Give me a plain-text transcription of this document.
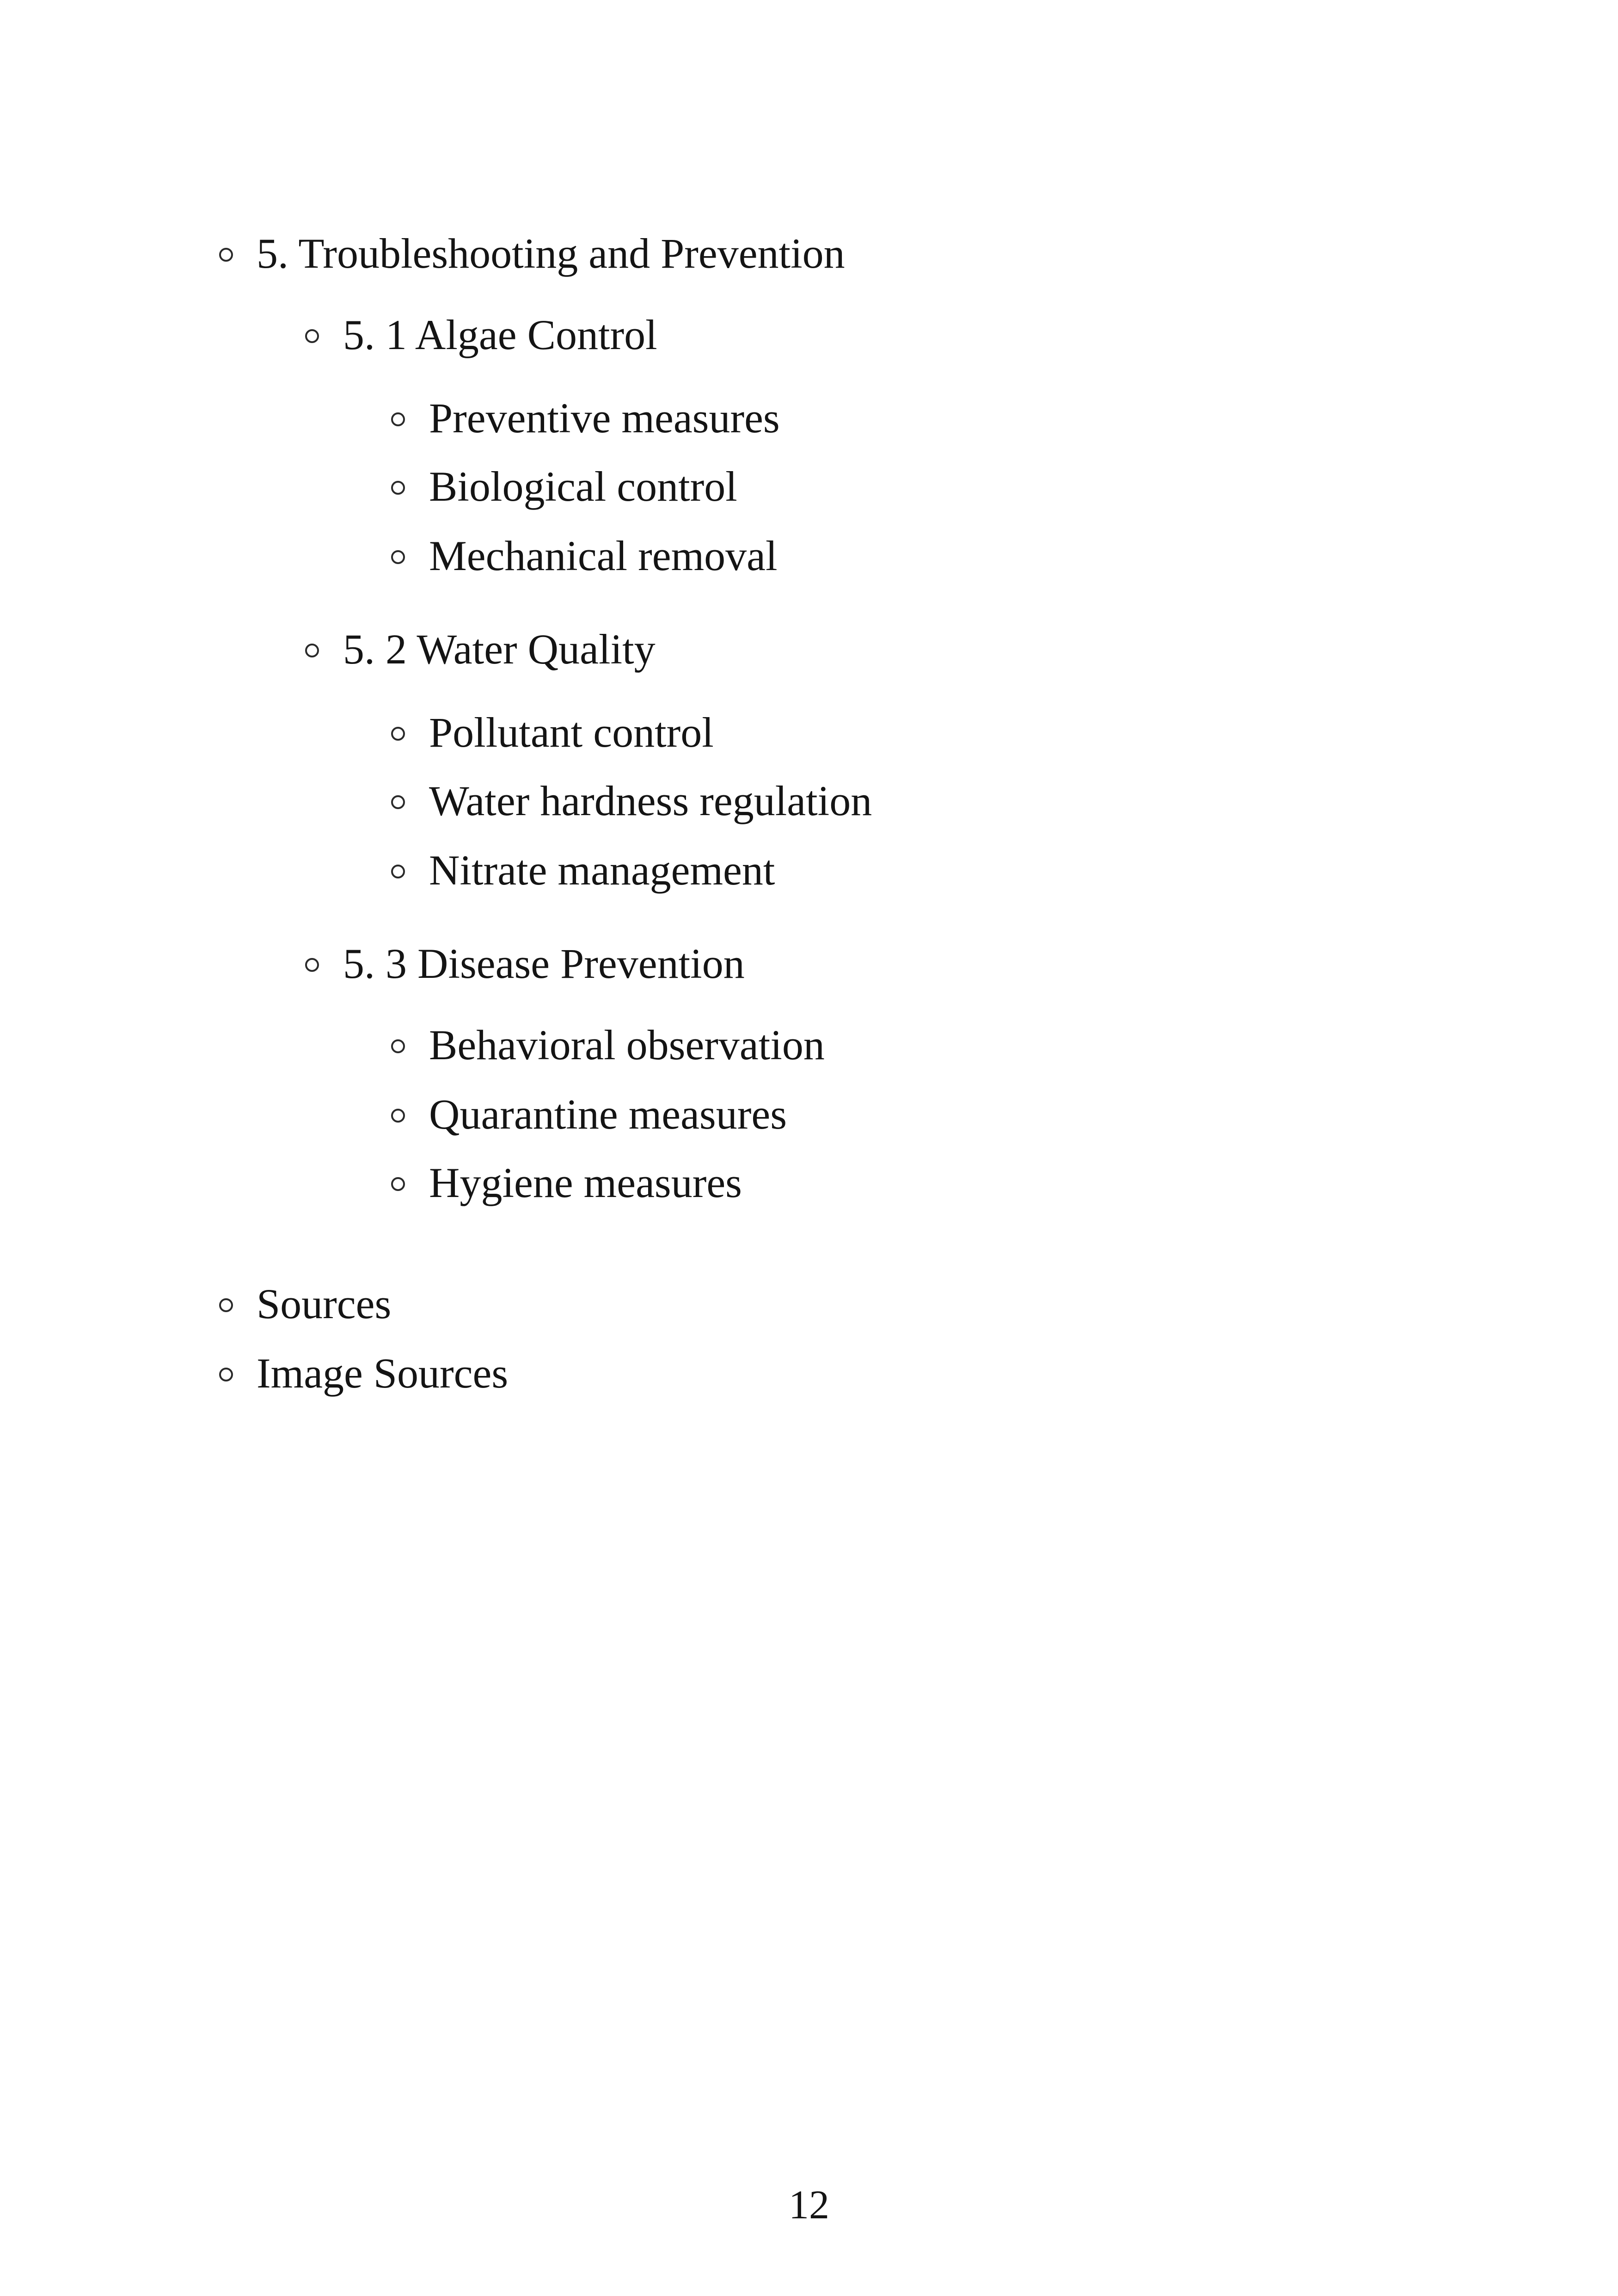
5. Troubleshooting and Prevention
5. 1 Algae Control
Preventive measures
Biological control
Mechanical removal
5. 2 Water Quality
Pollutant control
Water hardness regulation
Nitrate management
5. 3 Disease Prevention
Behavioral observation
Quarantine measures
Hygiene measures
Sources
Image Sources
12
